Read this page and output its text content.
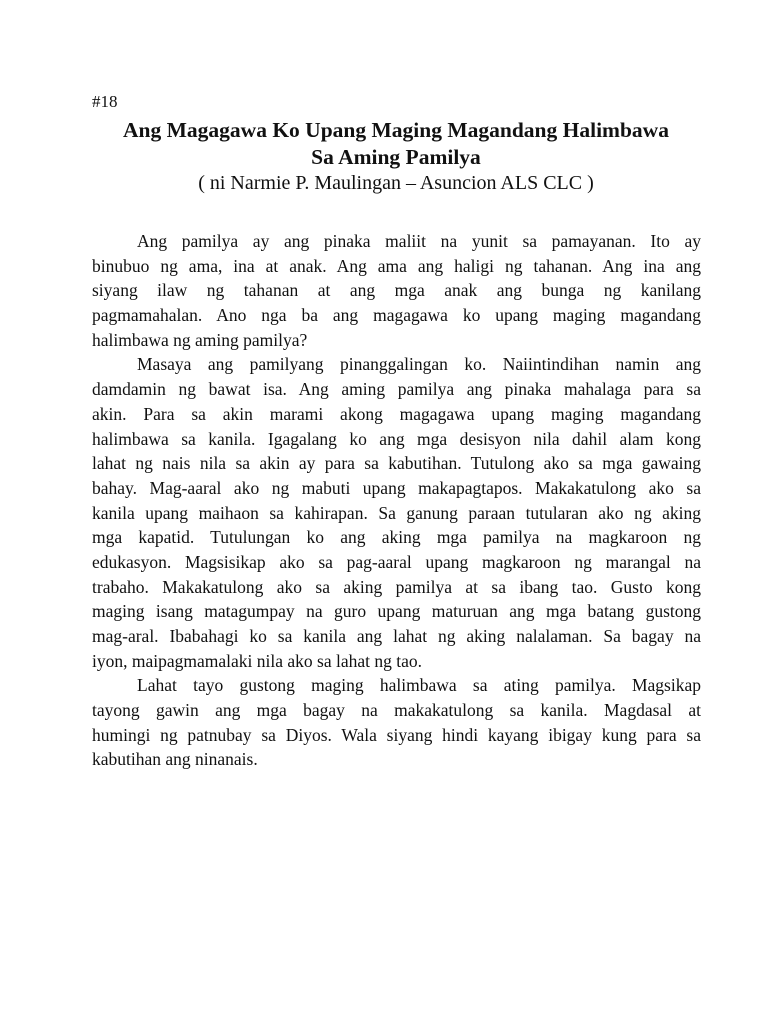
#18
Ang Magagawa Ko Upang Maging Magandang Halimbawa
Sa Aming Pamilya
( ni Narmie P. Maulingan – Asuncion ALS CLC )
Ang pamilya ay ang pinaka maliit na yunit sa pamayanan. Ito ay
binubuo ng ama, ina at anak. Ang ama ang haligi ng tahanan. Ang ina ang
siyang ilaw ng tahanan at ang mga anak ang bunga ng kanilang
pagmamahalan. Ano nga ba ang magagawa ko upang maging magandang
halimbawa ng aming pamilya?
Masaya ang pamilyang pinanggalingan ko. Naiintindihan namin ang
damdamin ng bawat isa. Ang aming pamilya ang pinaka mahalaga para sa
akin. Para sa akin marami akong magagawa upang maging magandang
halimbawa sa kanila. Igagalang ko ang mga desisyon nila dahil alam kong
lahat ng nais nila sa akin ay para sa kabutihan. Tutulong ako sa mga gawaing
bahay. Mag-aaral ako ng mabuti upang makapagtapos. Makakatulong ako sa
kanila upang maihaon sa kahirapan. Sa ganung paraan tutularan ako ng aking
mga kapatid. Tutulungan ko ang aking mga pamilya na magkaroon ng
edukasyon. Magsisikap ako sa pag-aaral upang magkaroon ng marangal na
trabaho. Makakatulong ako sa aking pamilya at sa ibang tao. Gusto kong
maging isang matagumpay na guro upang maturuan ang mga batang gustong
mag-aral. Ibabahagi ko sa kanila ang lahat ng aking nalalaman. Sa bagay na
iyon, maipagmamalaki nila ako sa lahat ng tao.
Lahat tayo gustong maging halimbawa sa ating pamilya. Magsikap
tayong gawin ang mga bagay na makakatulong sa kanila. Magdasal at
humingi ng patnubay sa Diyos. Wala siyang hindi kayang ibigay kung para sa
kabutihan ang ninanais.
